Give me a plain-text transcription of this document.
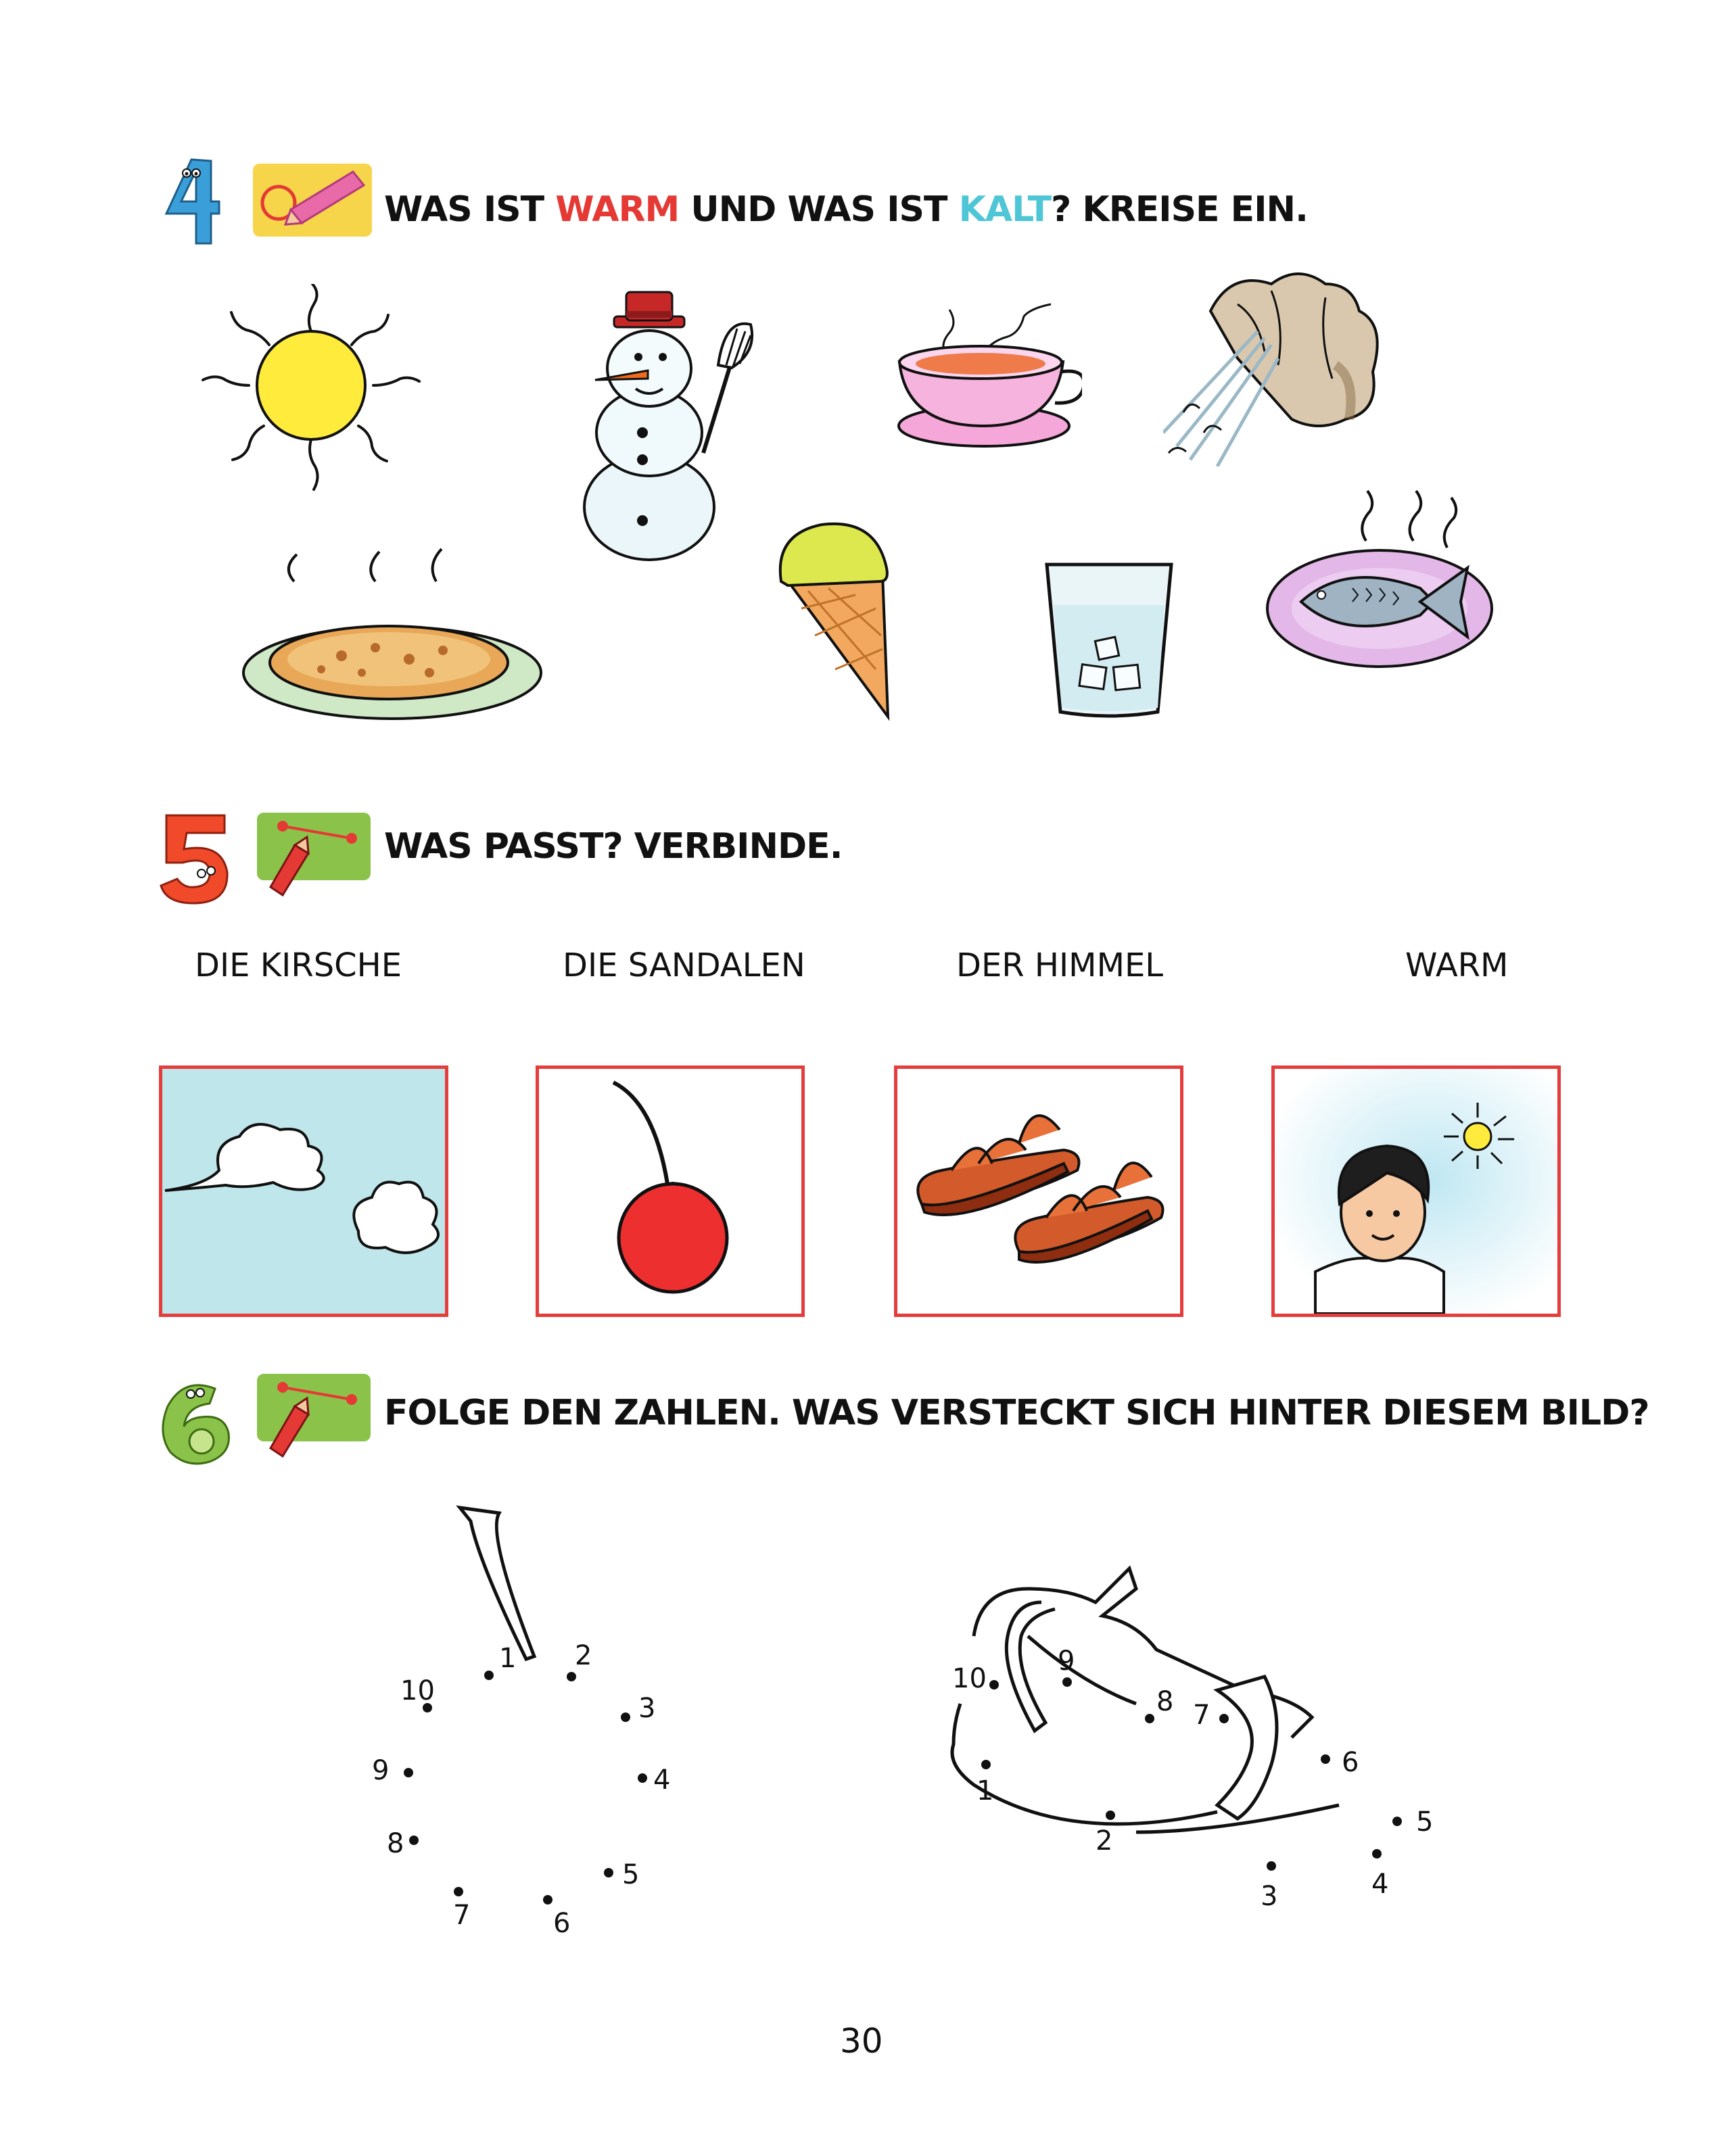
WAS IST WARM UND WAS IST KALT? KREISE EIN.
WAS PASST? VERBINDE.
DIE KIRSCHE	DIE SANDALEN	DER HIMMEL	WARM
FOLGE DEN ZAHLEN. WAS VERSTECKT SICH HINTER DIESEM BILD?
1 2
3
4
5
6
7
8
9
10
1
2
3	4
5
6
7
8
9
10
30
